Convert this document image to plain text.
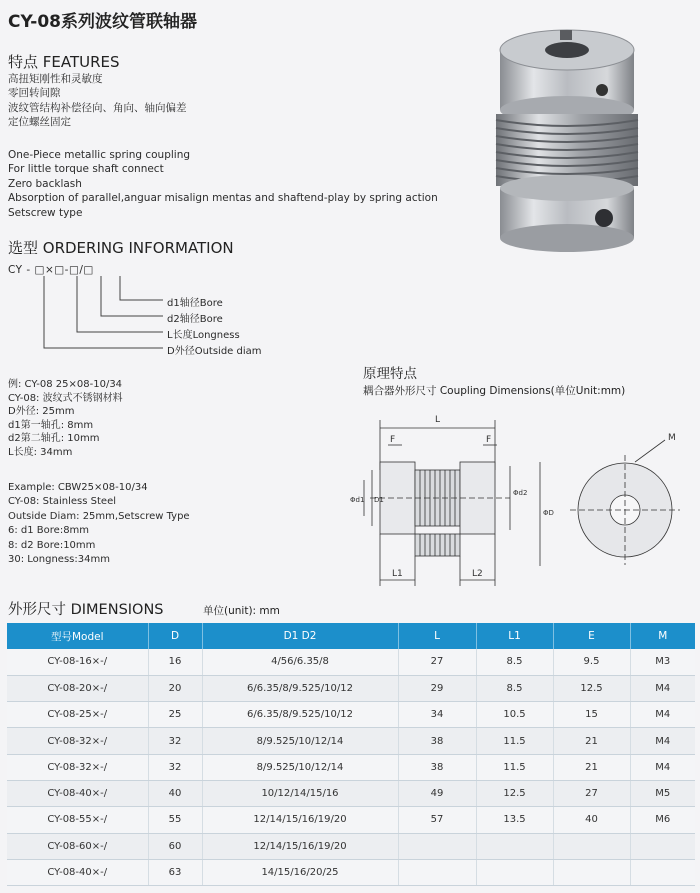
CY-08系列波纹管联轴器
特点 FEATURES
高扭矩刚性和灵敏度
零回转间隙
波纹管结构补偿径向、角向、轴向偏差
定位螺丝固定
One-Piece metallic spring coupling
For little torque shaft connect
Zero backlash
Absorption of parallel,anguar misalign mentas and shaftend-play by spring action
Setscrew type
选型 ORDERING INFORMATION
CY - □×□-□/□
d1轴径Bore
d2轴径Bore
L长度Longness
D外径Outside diam
例: CY-08 25×08-10/34
CY-08: 波纹式不锈钢材料
D外径: 25mm
d1第一轴孔: 8mm
d2第二轴孔: 10mm
L长度: 34mm
Example: CBW25×08-10/34
CY-08: Stainless Steel
Outside Diam: 25mm,Setscrew Type
6: d1 Bore:8mm
8: d2 Bore:10mm
30: Longness:34mm
原理特点
耦合器外形尺寸 Coupling Dimensions(单位Unit:mm)
L
F	F
Φd1 D1
Φd2
ΦD
L1	L2
M
外形尺寸 DIMENSIONS	单位(unit): mm
型号Model	D	D1 D2	L	L1	E	M
CY-08-16×-/	16	4/56/6.35/8	27	8.5	9.5	M3
CY-08-20×-/	20	6/6.35/8/9.525/10/12	29	8.5	12.5	M4
CY-08-25×-/	25	6/6.35/8/9.525/10/12	34	10.5	15	M4
CY-08-32×-/	32	8/9.525/10/12/14	38	11.5	21	M4
CY-08-32×-/	32	8/9.525/10/12/14	38	11.5	21	M4
CY-08-40×-/	40	10/12/14/15/16	49	12.5	27	M5
CY-08-55×-/	55	12/14/15/16/19/20	57	13.5	40	M6
CY-08-60×-/	60	12/14/15/16/19/20				
CY-08-40×-/	63	14/15/16/20/25				
